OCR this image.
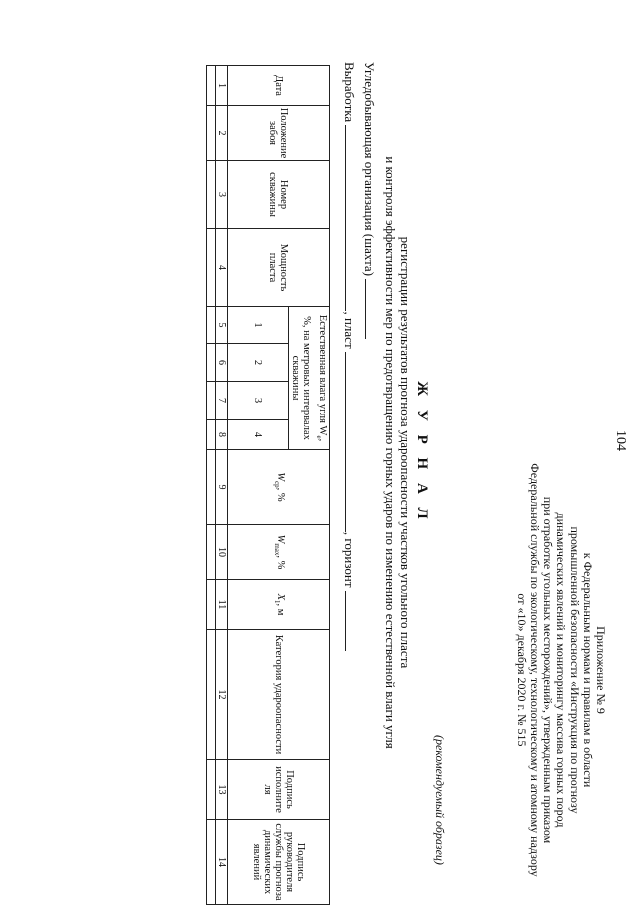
104
Приложение № 9
к Федеральным нормам и правилам в области
промышленной безопасности «Инструкция по прогнозу
динамических явлений и мониторингу массива горных пород
при отработке угольных месторождений», утвержденным приказом
Федеральной службы по экологическому, технологическому и атомному надзору
от «10» декабря 2020 г. № 515
(рекомендуемый образец)
Ж У Р Н А Л
регистрации результатов прогноза удароопасности участков угольного пласта
и контроля эффективности мер по предотвращению горных ударов по изменению естественной влаги угля
Угледобывающая организация (шахта)
Выработка , пласт , горизонт
Дата	Положение забоя	Номер скважины	Мощность пласта	Естественная влага угля $W_е$, %, на метровых интервалах скважины				$W_{ср}$, %	$W_{max}$, %	$X_1$, м	Категория удароопасности	Подпись исполните ля	Подпись руководителя службы прогноза динамических явлений
				1	2	3	4						
1	2	3	4	5	6	7	8	9	10	11	12	13	14
